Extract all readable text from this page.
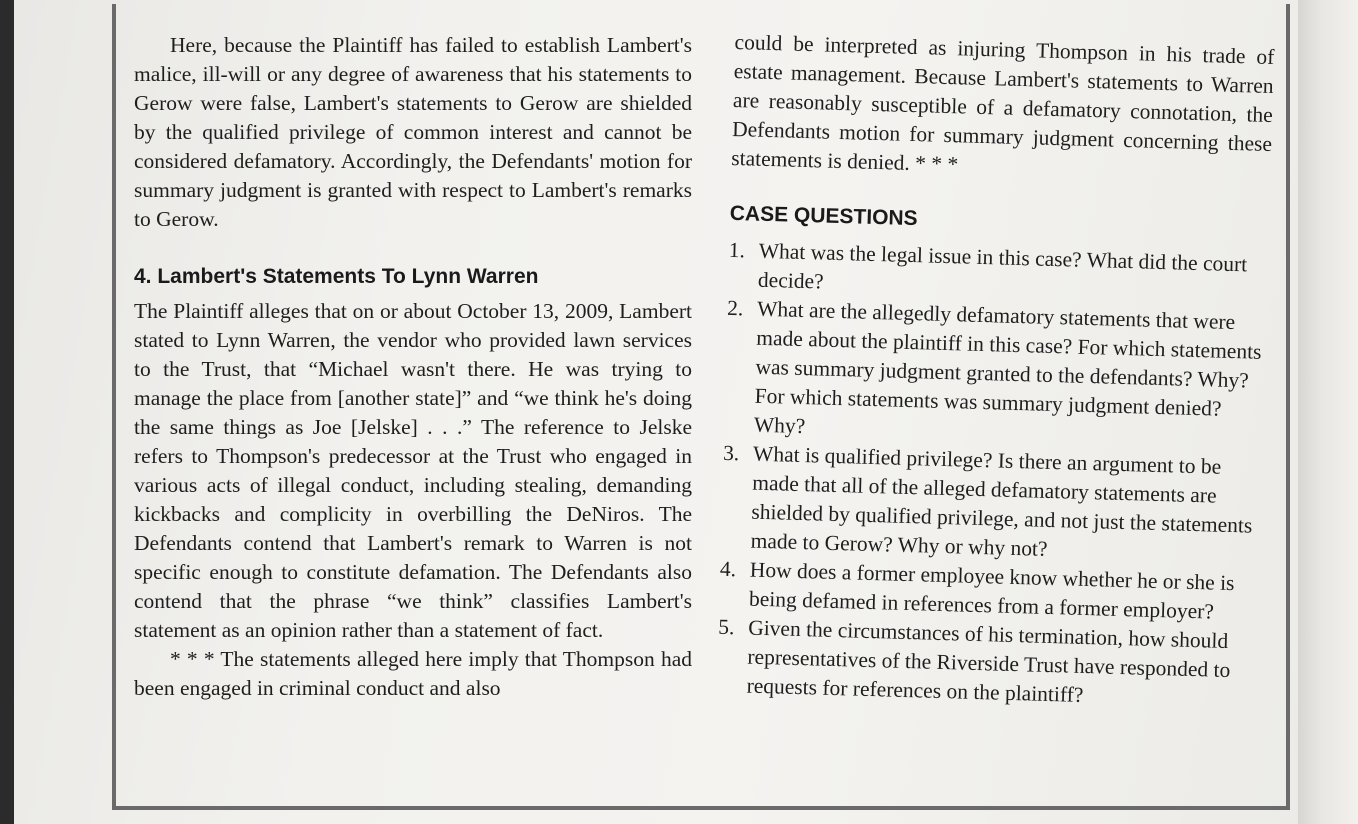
Here, because the Plaintiff has failed to establish Lambert's malice, ill-will or any degree of awareness that his statements to Gerow were false, Lambert's statements to Gerow are shielded by the qualified privilege of common interest and cannot be considered defamatory. Accordingly, the Defendants' motion for summary judgment is granted with respect to Lambert's remarks to Gerow.

4. Lambert's Statements To Lynn Warren

The Plaintiff alleges that on or about October 13, 2009, Lambert stated to Lynn Warren, the vendor who provided lawn services to the Trust, that “Michael wasn't there. He was trying to manage the place from [another state]” and “we think he's doing the same things as Joe [Jelske] . . .” The reference to Jelske refers to Thompson's predecessor at the Trust who engaged in various acts of illegal conduct, including stealing, demanding kickbacks and complicity in overbilling the DeNiros. The Defendants contend that Lambert's remark to Warren is not specific enough to constitute defamation. The Defendants also contend that the phrase “we think” classifies Lambert's statement as an opinion rather than a statement of fact.

* * * The statements alleged here imply that Thompson had been engaged in criminal conduct and also

could be interpreted as injuring Thompson in his trade of estate management. Because Lambert's statements to Warren are reasonably susceptible of a defamatory connotation, the Defendants motion for summary judgment concerning these statements is denied. * * *

CASE QUESTIONS
1. What was the legal issue in this case? What did the court decide?
2. What are the allegedly defamatory statements that were made about the plaintiff in this case? For which statements was summary judgment granted to the defendants? Why? For which statements was summary judgment denied? Why?
3. What is qualified privilege? Is there an argument to be made that all of the alleged defamatory statements are shielded by qualified privilege, and not just the statements made to Gerow? Why or why not?
4. How does a former employee know whether he or she is being defamed in references from a former employer?
5. Given the circumstances of his termination, how should representatives of the Riverside Trust have responded to requests for references on the plaintiff?
